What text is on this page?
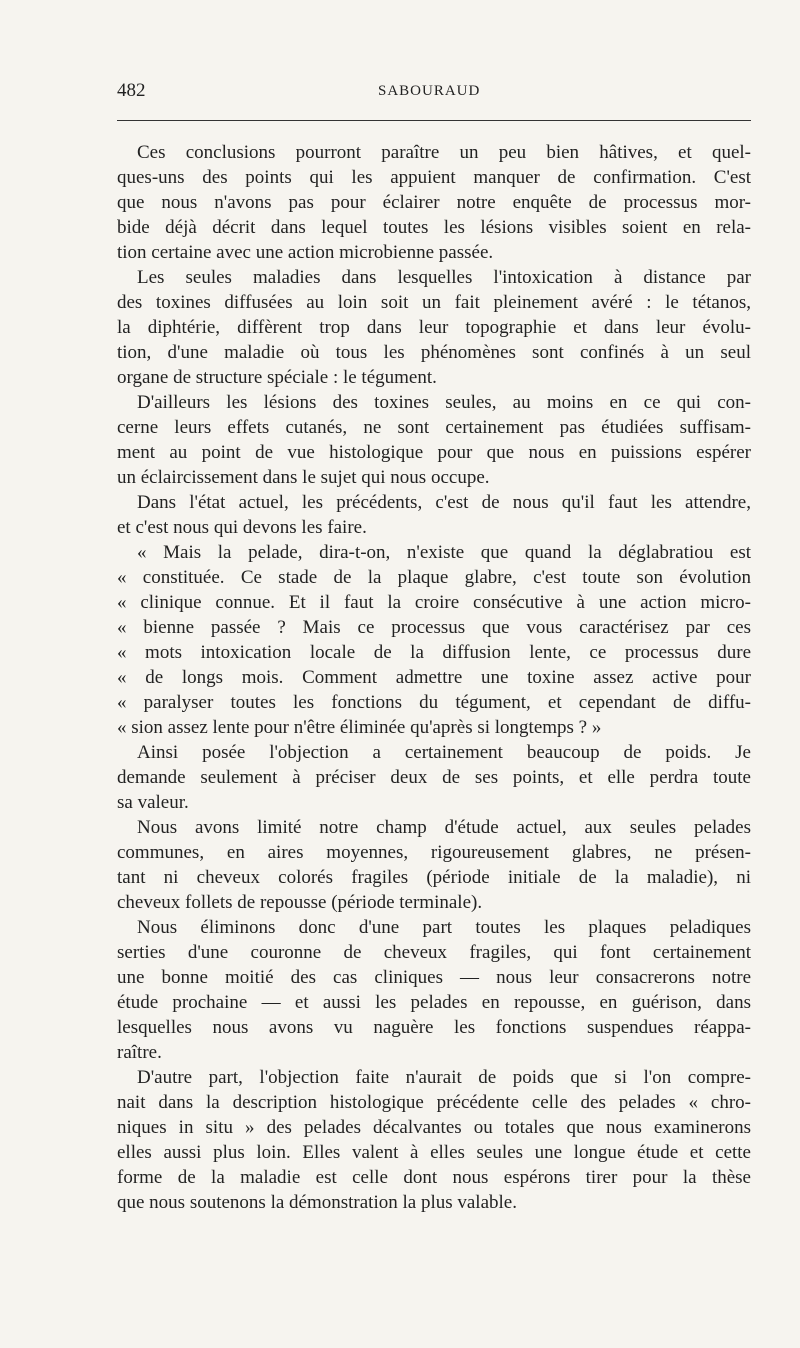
482	SABOURAUD
Ces conclusions pourront paraître un peu bien hâtives, et quel-
ques-uns des points qui les appuient manquer de confirmation. C'est
que nous n'avons pas pour éclairer notre enquête de processus mor-
bide déjà décrit dans lequel toutes les lésions visibles soient en rela-
tion certaine avec une action microbienne passée.
Les seules maladies dans lesquelles l'intoxication à distance par
des toxines diffusées au loin soit un fait pleinement avéré : le tétanos,
la diphtérie, diffèrent trop dans leur topographie et dans leur évolu-
tion, d'une maladie où tous les phénomènes sont confinés à un seul
organe de structure spéciale : le tégument.
D'ailleurs les lésions des toxines seules, au moins en ce qui con-
cerne leurs effets cutanés, ne sont certainement pas étudiées suffisam-
ment au point de vue histologique pour que nous en puissions espérer
un éclaircissement dans le sujet qui nous occupe.
Dans l'état actuel, les précédents, c'est de nous qu'il faut les attendre,
et c'est nous qui devons les faire.
« Mais la pelade, dira-t-on, n'existe que quand la déglabratiou est
« constituée. Ce stade de la plaque glabre, c'est toute son évolution
« clinique connue. Et il faut la croire consécutive à une action micro-
« bienne passée ? Mais ce processus que vous caractérisez par ces
« mots intoxication locale de la diffusion lente, ce processus dure
« de longs mois. Comment admettre une toxine assez active pour
« paralyser toutes les fonctions du tégument, et cependant de diffu-
« sion assez lente pour n'être éliminée qu'après si longtemps ? »
Ainsi posée l'objection a certainement beaucoup de poids. Je
demande seulement à préciser deux de ses points, et elle perdra toute
sa valeur.
Nous avons limité notre champ d'étude actuel, aux seules pelades
communes, en aires moyennes, rigoureusement glabres, ne présen-
tant ni cheveux colorés fragiles (période initiale de la maladie), ni
cheveux follets de repousse (période terminale).
Nous éliminons donc d'une part toutes les plaques peladiques
serties d'une couronne de cheveux fragiles, qui font certainement
une bonne moitié des cas cliniques — nous leur consacrerons notre
étude prochaine — et aussi les pelades en repousse, en guérison, dans
lesquelles nous avons vu naguère les fonctions suspendues réappa-
raître.
D'autre part, l'objection faite n'aurait de poids que si l'on compre-
nait dans la description histologique précédente celle des pelades « chro-
niques in situ » des pelades décalvantes ou totales que nous examinerons
elles aussi plus loin. Elles valent à elles seules une longue étude et cette
forme de la maladie est celle dont nous espérons tirer pour la thèse
que nous soutenons la démonstration la plus valable.
